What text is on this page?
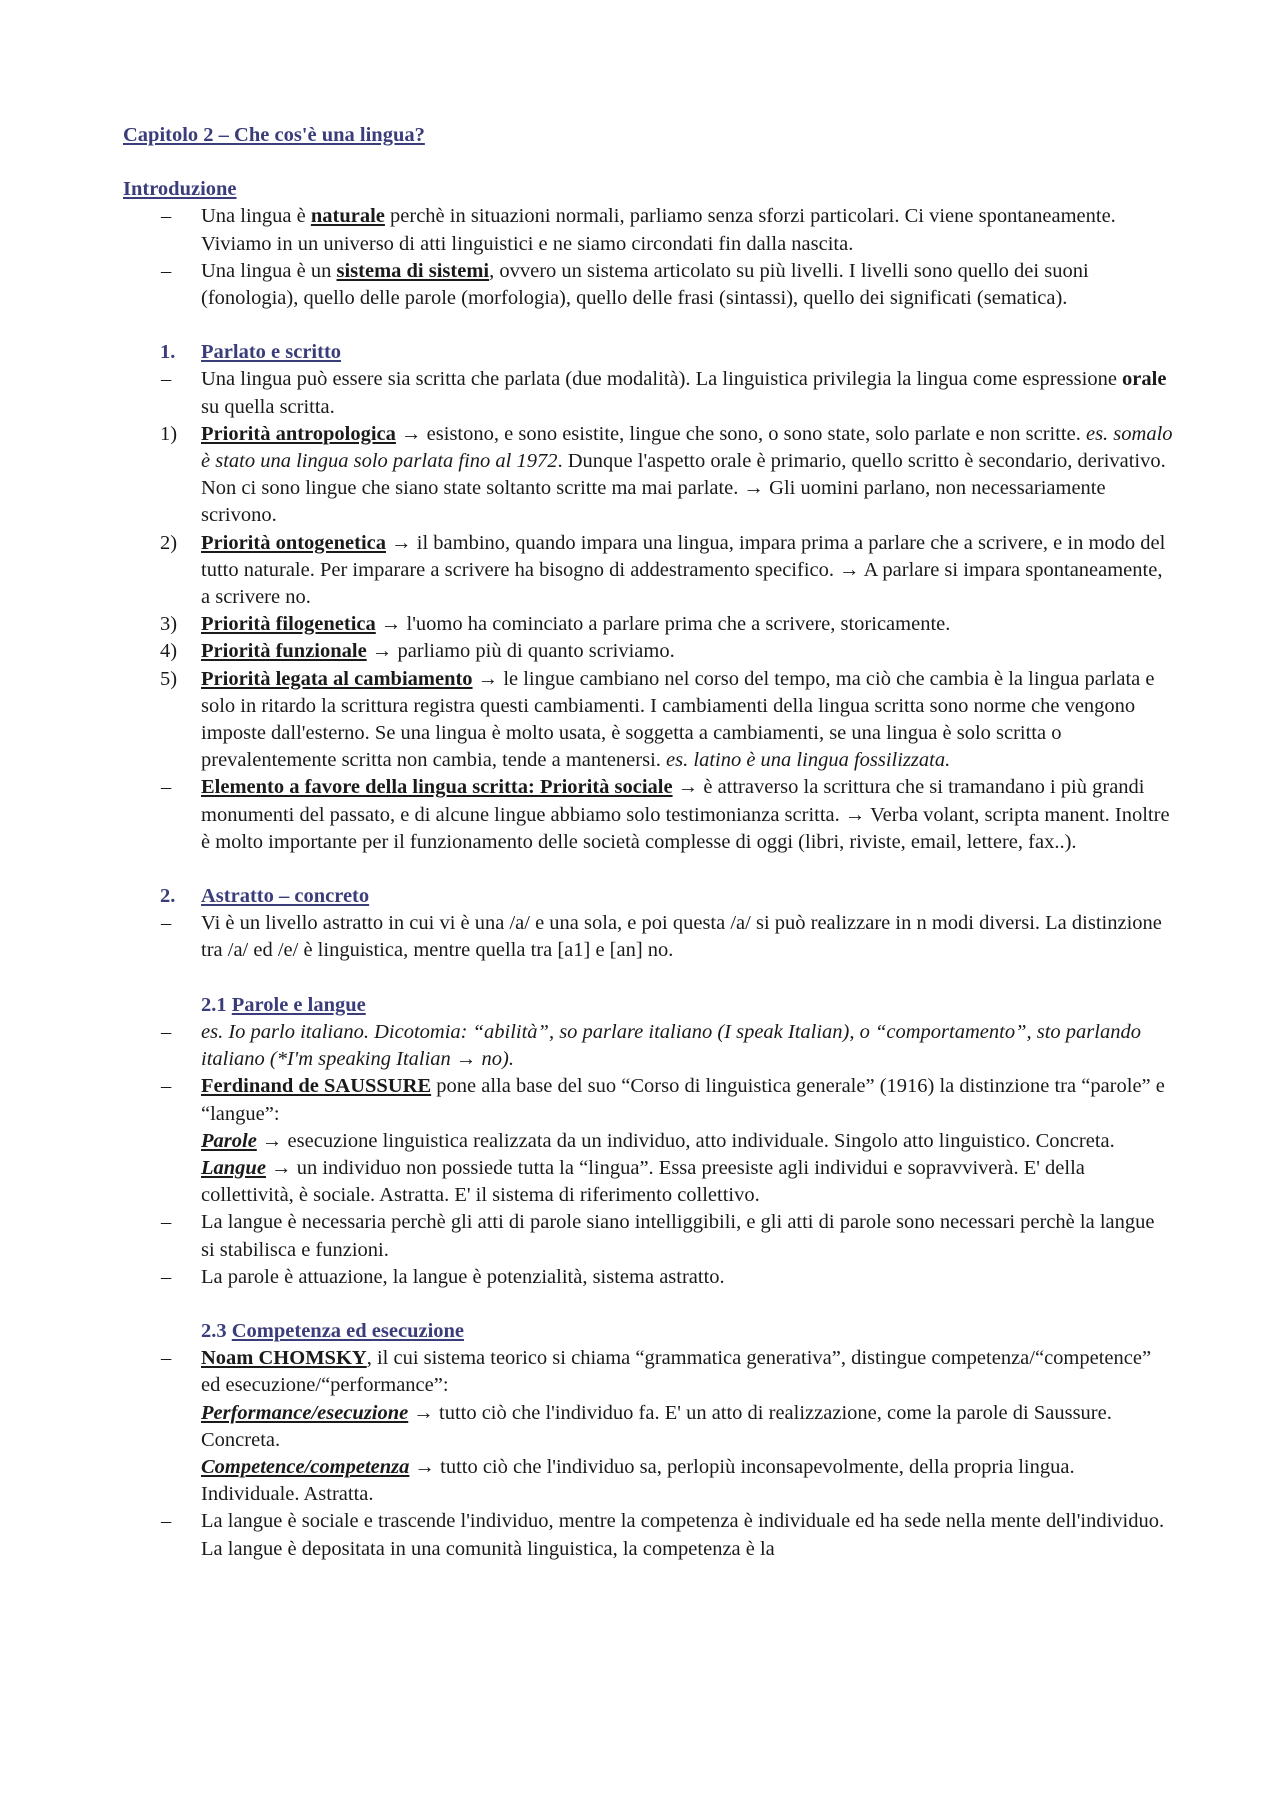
Capitolo 2 – Che cos'è una lingua?
Introduzione
–	Una lingua è naturale perchè in situazioni normali, parliamo senza sforzi particolari. Ci viene spontaneamente. Viviamo in un universo di atti linguistici e ne siamo circondati fin dalla nascita.
–	Una lingua è un sistema di sistemi, ovvero un sistema articolato su più livelli. I livelli sono quello dei suoni (fonologia), quello delle parole (morfologia), quello delle frasi (sintassi), quello dei significati (sematica).
1.	Parlato e scritto
–	Una lingua può essere sia scritta che parlata (due modalità). La linguistica privilegia la lingua come espressione orale su quella scritta.
1)	Priorità antropologica → esistono, e sono esistite, lingue che sono, o sono state, solo parlate e non scritte. es. somalo è stato una lingua solo parlata fino al 1972. Dunque l'aspetto orale è primario, quello scritto è secondario, derivativo. Non ci sono lingue che siano state soltanto scritte ma mai parlate. → Gli uomini parlano, non necessariamente scrivono.
2)	Priorità ontogenetica → il bambino, quando impara una lingua, impara prima a parlare che a scrivere, e in modo del tutto naturale. Per imparare a scrivere ha bisogno di addestramento specifico. → A parlare si impara spontaneamente, a scrivere no.
3)	Priorità filogenetica → l'uomo ha cominciato a parlare prima che a scrivere, storicamente.
4)	Priorità funzionale → parliamo più di quanto scriviamo.
5)	Priorità legata al cambiamento → le lingue cambiano nel corso del tempo, ma ciò che cambia è la lingua parlata e solo in ritardo la scrittura registra questi cambiamenti. I cambiamenti della lingua scritta sono norme che vengono imposte dall'esterno. Se una lingua è molto usata, è soggetta a cambiamenti, se una lingua è solo scritta o prevalentemente scritta non cambia, tende a mantenersi. es. latino è una lingua fossilizzata.
–	Elemento a favore della lingua scritta: Priorità sociale → è attraverso la scrittura che si tramandano i più grandi monumenti del passato, e di alcune lingue abbiamo solo testimonianza scritta. → Verba volant, scripta manent. Inoltre è molto importante per il funzionamento delle società complesse di oggi (libri, riviste, email, lettere, fax..).
2.	Astratto – concreto
–	Vi è un livello astratto in cui vi è una /a/ e una sola, e poi questa /a/ si può realizzare in n modi diversi. La distinzione tra /a/ ed /e/ è linguistica, mentre quella tra [a1] e [an] no.
2.1 Parole e langue
–	es. Io parlo italiano. Dicotomia: “abilità”, so parlare italiano (I speak Italian), o “comportamento”, sto parlando italiano (*I'm speaking Italian → no).
–	Ferdinand de SAUSSURE pone alla base del suo “Corso di linguistica generale” (1916) la distinzione tra “parole” e “langue”:
Parole → esecuzione linguistica realizzata da un individuo, atto individuale. Singolo atto linguistico. Concreta.
Langue → un individuo non possiede tutta la “lingua”. Essa preesiste agli individui e sopravviverà. E' della collettività, è sociale. Astratta. E' il sistema di riferimento collettivo.
–	La langue è necessaria perchè gli atti di parole siano intelliggibili, e gli atti di parole sono necessari perchè la langue si stabilisca e funzioni.
–	La parole è attuazione, la langue è potenzialità, sistema astratto.
2.3 Competenza ed esecuzione
–	Noam CHOMSKY, il cui sistema teorico si chiama “grammatica generativa”, distingue competenza/“competence” ed esecuzione/“performance”:
Performance/esecuzione → tutto ciò che l'individuo fa. E' un atto di realizzazione, come la parole di Saussure. Concreta.
Competence/competenza → tutto ciò che l'individuo sa, perlopiù inconsapevolmente, della propria lingua. Individuale. Astratta.
–	La langue è sociale e trascende l'individuo, mentre la competenza è individuale ed ha sede nella mente dell'individuo. La langue è depositata in una comunità linguistica, la competenza è la
